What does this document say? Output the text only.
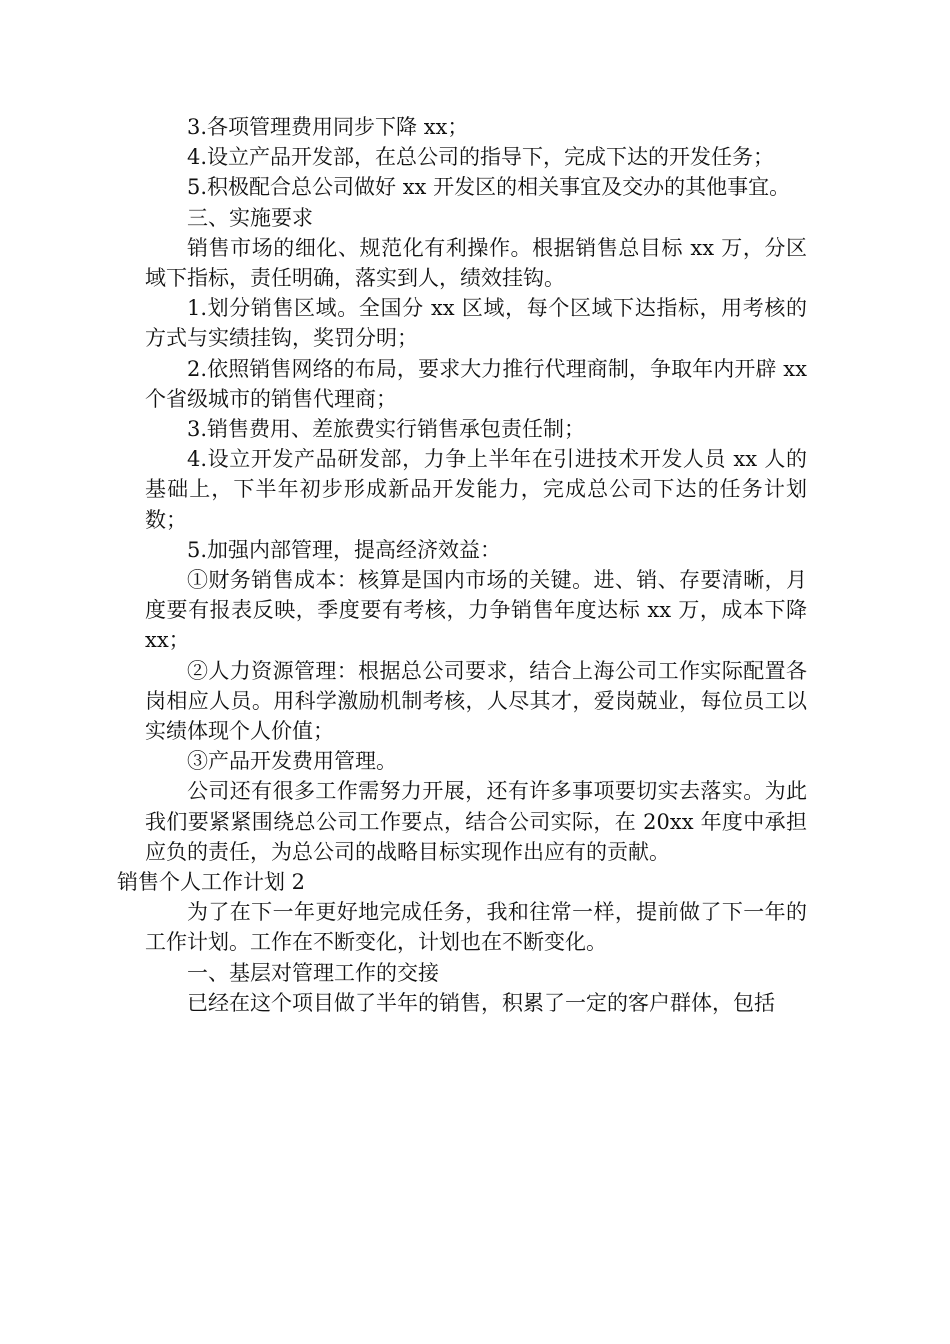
3.各项管理费用同步下降 xx；

4.设立产品开发部，在总公司的指导下，完成下达的开发任务；

5.积极配合总公司做好 xx 开发区的相关事宜及交办的其他事宜。

三、实施要求

销售市场的细化、规范化有利操作。根据销售总目标 xx 万，分区域下指标，责任明确，落实到人，绩效挂钩。

1.划分销售区域。全国分 xx 区域，每个区域下达指标，用考核的方式与实绩挂钩，奖罚分明；

2.依照销售网络的布局，要求大力推行代理商制，争取年内开辟 xx 个省级城市的销售代理商；

3.销售费用、差旅费实行销售承包责任制；

4.设立开发产品研发部，力争上半年在引进技术开发人员 xx 人的基础上，下半年初步形成新品开发能力，完成总公司下达的任务计划数；

5.加强内部管理，提高经济效益：

①财务销售成本：核算是国内市场的关键。进、销、存要清晰，月度要有报表反映，季度要有考核，力争销售年度达标 xx 万，成本下降 xx；

②人力资源管理：根据总公司要求，结合上海公司工作实际配置各岗相应人员。用科学激励机制考核，人尽其才，爱岗兢业，每位员工以实绩体现个人价值；

③产品开发费用管理。

公司还有很多工作需努力开展，还有许多事项要切实去落实。为此我们要紧紧围绕总公司工作要点，结合公司实际，在 20xx 年度中承担应负的责任，为总公司的战略目标实现作出应有的贡献。

销售个人工作计划 2

为了在下一年更好地完成任务，我和往常一样，提前做了下一年的工作计划。工作在不断变化，计划也在不断变化。

一、基层对管理工作的交接

已经在这个项目做了半年的销售，积累了一定的客户群体，包括
